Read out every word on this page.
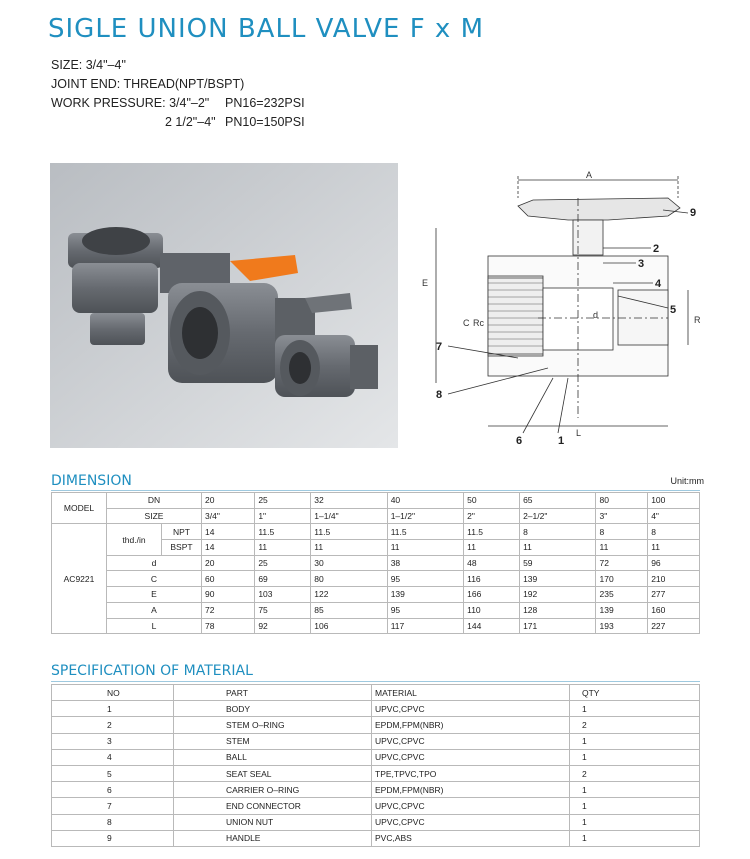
SIGLE UNION BALL VALVE F x M
SIZE: 3/4"–4"
JOINT END: THREAD(NPT/BSPT)
WORK PRESSURE: 3/4"–2" PN16=232PSI
2 1/2"–4" PN10=150PSI
A
E
C Rc
d	R
L
9
2
3
4
5
7
8
6	1
DIMENSION	Unit:mm
MODEL	DN		20	25	32	40	50	65	80	100
	SIZE		3/4"	1"	1–1/4"	1–1/2"	2"	2–1/2"	3"	4"
AC9221	thd./in	NPT	14	11.5	11.5	11.5	11.5	8	8	8
		BSPT	14	11	11	11	11	11	11	11
	d		20	25	30	38	48	59	72	96
	C		60	69	80	95	116	139	170	210
	E		90	103	122	139	166	192	235	277
	A		72	75	85	95	110	128	139	160
	L		78	92	106	117	144	171	193	227
SPECIFICATION OF MATERIAL
NO	PART	MATERIAL	QTY
1	BODY	UPVC,CPVC	1
2	STEM O–RING	EPDM,FPM(NBR)	2
3	STEM	UPVC,CPVC	1
4	BALL	UPVC,CPVC	1
5	SEAT SEAL	TPE,TPVC,TPO	2
6	CARRIER O–RING	EPDM,FPM(NBR)	1
7	END CONNECTOR	UPVC,CPVC	1
8	UNION NUT	UPVC,CPVC	1
9	HANDLE	PVC,ABS	1
